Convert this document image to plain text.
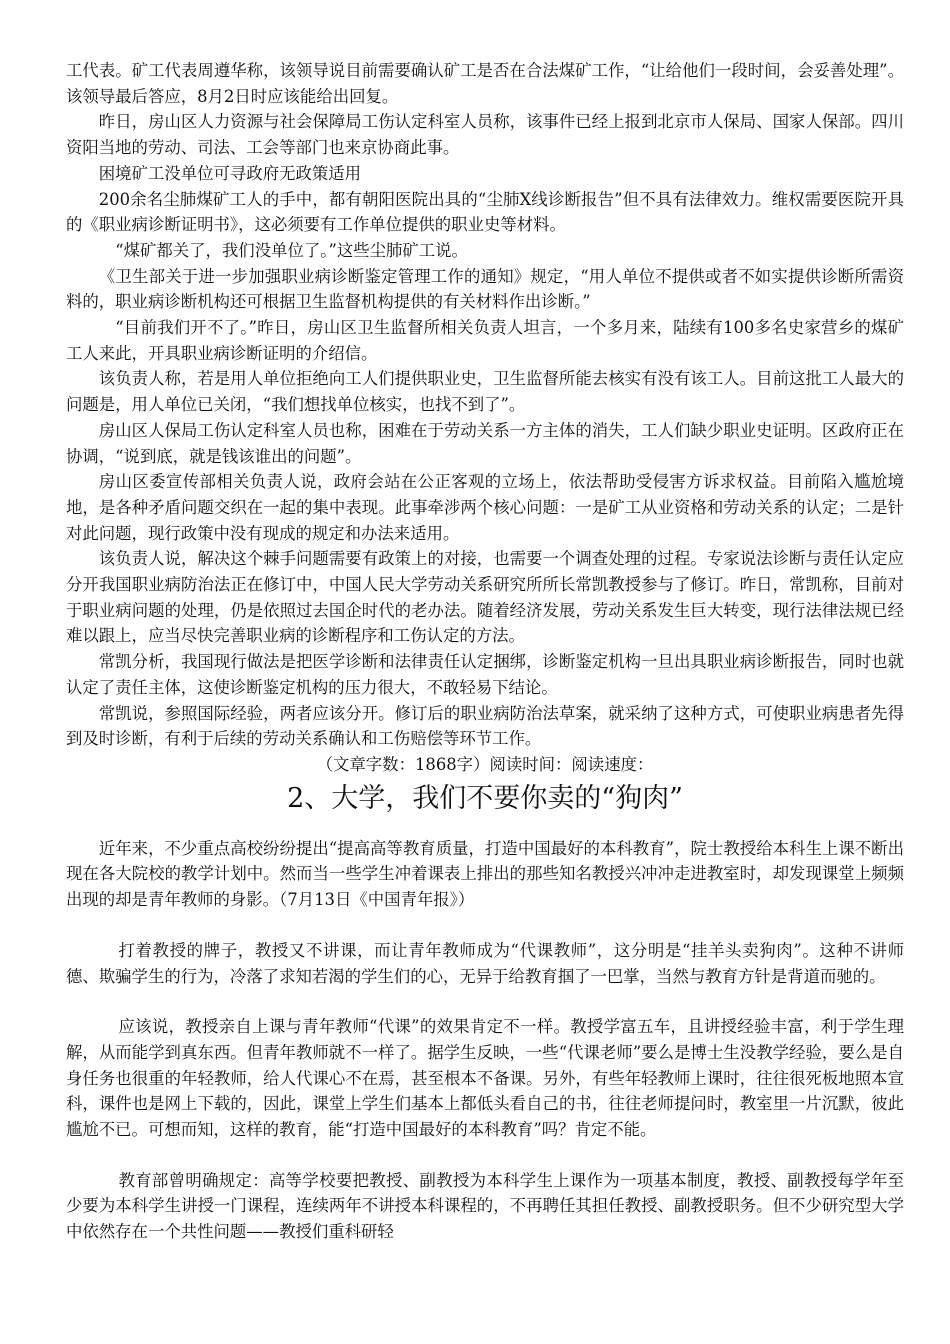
工代表。矿工代表周遵华称，该领导说目前需要确认矿工是否在合法煤矿工作，“让给他们一段时间，会妥善处理”。该领导最后答应，8月2日时应该能给出回复。

昨日，房山区人力资源与社会保障局工伤认定科室人员称，该事件已经上报到北京市人保局、国家人保部。四川资阳当地的劳动、司法、工会等部门也来京协商此事。

困境矿工没单位可寻政府无政策适用

200余名尘肺煤矿工人的手中，都有朝阳医院出具的“尘肺X线诊断报告”但不具有法律效力。维权需要医院开具的《职业病诊断证明书》，这必须要有工作单位提供的职业史等材料。

“煤矿都关了，我们没单位了。”这些尘肺矿工说。

《卫生部关于进一步加强职业病诊断鉴定管理工作的通知》规定，“用人单位不提供或者不如实提供诊断所需资料的，职业病诊断机构还可根据卫生监督机构提供的有关材料作出诊断。”

“目前我们开不了。”昨日，房山区卫生监督所相关负责人坦言，一个多月来，陆续有100多名史家营乡的煤矿工人来此，开具职业病诊断证明的介绍信。

该负责人称，若是用人单位拒绝向工人们提供职业史，卫生监督所能去核实有没有该工人。目前这批工人最大的问题是，用人单位已关闭，“我们想找单位核实，也找不到了”。

房山区人保局工伤认定科室人员也称，困难在于劳动关系一方主体的消失，工人们缺少职业史证明。区政府正在协调，“说到底，就是钱该谁出的问题”。

房山区委宣传部相关负责人说，政府会站在公正客观的立场上，依法帮助受侵害方诉求权益。目前陷入尴尬境地，是各种矛盾问题交织在一起的集中表现。此事牵涉两个核心问题：一是矿工从业资格和劳动关系的认定；二是针对此问题，现行政策中没有现成的规定和办法来适用。

该负责人说，解决这个棘手问题需要有政策上的对接，也需要一个调查处理的过程。专家说法诊断与责任认定应分开我国职业病防治法正在修订中，中国人民大学劳动关系研究所所长常凯教授参与了修订。昨日，常凯称，目前对于职业病问题的处理，仍是依照过去国企时代的老办法。随着经济发展，劳动关系发生巨大转变，现行法律法规已经难以跟上，应当尽快完善职业病的诊断程序和工伤认定的方法。

常凯分析，我国现行做法是把医学诊断和法律责任认定捆绑，诊断鉴定机构一旦出具职业病诊断报告，同时也就认定了责任主体，这使诊断鉴定机构的压力很大，不敢轻易下结论。

常凯说，参照国际经验，两者应该分开。修订后的职业病防治法草案，就采纳了这种方式，可使职业病患者先得到及时诊断，有利于后续的劳动关系确认和工伤赔偿等环节工作。

（文章字数：1868字）阅读时间：阅读速度：

2、大学，我们不要你卖的“狗肉”

近年来，不少重点高校纷纷提出“提高高等教育质量，打造中国最好的本科教育”，院士教授给本科生上课不断出现在各大院校的教学计划中。然而当一些学生冲着课表上排出的那些知名教授兴冲冲走进教室时，却发现课堂上频频出现的却是青年教师的身影。（7月13日《中国青年报》）

打着教授的牌子，教授又不讲课，而让青年教师成为“代课教师”，这分明是“挂羊头卖狗肉”。这种不讲师德、欺骗学生的行为，冷落了求知若渴的学生们的心，无异于给教育掴了一巴掌，当然与教育方针是背道而驰的。

应该说，教授亲自上课与青年教师“代课”的效果肯定不一样。教授学富五车，且讲授经验丰富，利于学生理解，从而能学到真东西。但青年教师就不一样了。据学生反映，一些“代课老师”要么是博士生没教学经验，要么是自身任务也很重的年轻教师，给人代课心不在焉，甚至根本不备课。另外，有些年轻教师上课时，往往很死板地照本宣科，课件也是网上下载的，因此，课堂上学生们基本上都低头看自己的书，往往老师提问时，教室里一片沉默，彼此尴尬不已。可想而知，这样的教育，能“打造中国最好的本科教育”吗？肯定不能。

教育部曾明确规定：高等学校要把教授、副教授为本科学生上课作为一项基本制度，教授、副教授每学年至少要为本科学生讲授一门课程，连续两年不讲授本科课程的，不再聘任其担任教授、副教授职务。但不少研究型大学中依然存在一个共性问题——教授们重科研轻
